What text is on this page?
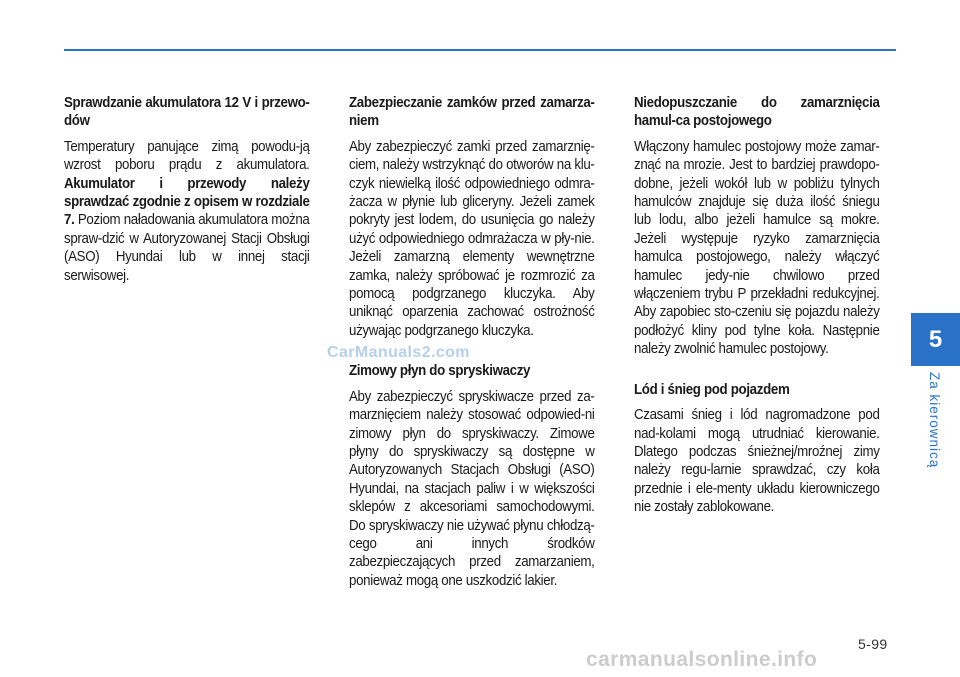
Sprawdzanie akumulatora 12 V i przewo-dów

Temperatury panujące zimą powodu-ją wzrost poboru prądu z akumulatora. Akumulator i przewody należy sprawdzać zgodnie z opisem w rozdziale 7. Poziom naładowania akumulatora można spraw-dzić w Autoryzowanej Stacji Obsługi (ASO) Hyundai lub w innej stacji serwisowej.

Zabezpieczanie zamków przed zamarza-niem

Aby zabezpieczyć zamki przed zamarznię-ciem, należy wstrzyknąć do otworów na klu-czyk niewielką ilość odpowiedniego odmra-żacza w płynie lub gliceryny. Jeżeli zamek pokryty jest lodem, do usunięcia go należy użyć odpowiedniego odmrażacza w pły-nie. Jeżeli zamarzną elementy wewnętrzne zamka, należy spróbować je rozmrozić za pomocą podgrzanego kluczyka. Aby uniknąć oparzenia zachować ostrożność używając podgrzanego kluczyka.

Zimowy płyn do spryskiwaczy

Aby zabezpieczyć spryskiwacze przed za-marznięciem należy stosować odpowied-ni zimowy płyn do spryskiwaczy. Zimowe płyny do spryskiwaczy są dostępne w Autoryzowanych Stacjach Obsługi (ASO) Hyundai, na stacjach paliw i w większości sklepów z akcesoriami samochodowymi. Do spryskiwaczy nie używać płynu chłodzą-cego ani innych środków zabezpieczających przed zamarzaniem, ponieważ mogą one uszkodzić lakier.

Niedopuszczanie do zamarznięcia hamul-ca postojowego

Włączony hamulec postojowy może zamar-znąć na mrozie. Jest to bardziej prawdopo-dobne, jeżeli wokół lub w pobliżu tylnych hamulców znajduje się duża ilość śniegu lub lodu, albo jeżeli hamulce są mokre. Jeżeli występuje ryzyko zamarznięcia hamulca postojowego, należy włączyć hamulec jedy-nie chwilowo przed włączeniem trybu P przekładni redukcyjnej. Aby zapobiec sto-czeniu się pojazdu należy podłożyć kliny pod tylne koła. Następnie należy zwolnić hamulec postojowy.

Lód i śnieg pod pojazdem

Czasami śnieg i lód nagromadzone pod nad-kolami mogą utrudniać kierowanie. Dlatego podczas śnieżnej/mroźnej zimy należy regu-larnie sprawdzać, czy koła przednie i ele-menty układu kierowniczego nie zostały zablokowane.

5
Za kierownicą
5-99
CarManuals2.com
carmanualsonline.info
